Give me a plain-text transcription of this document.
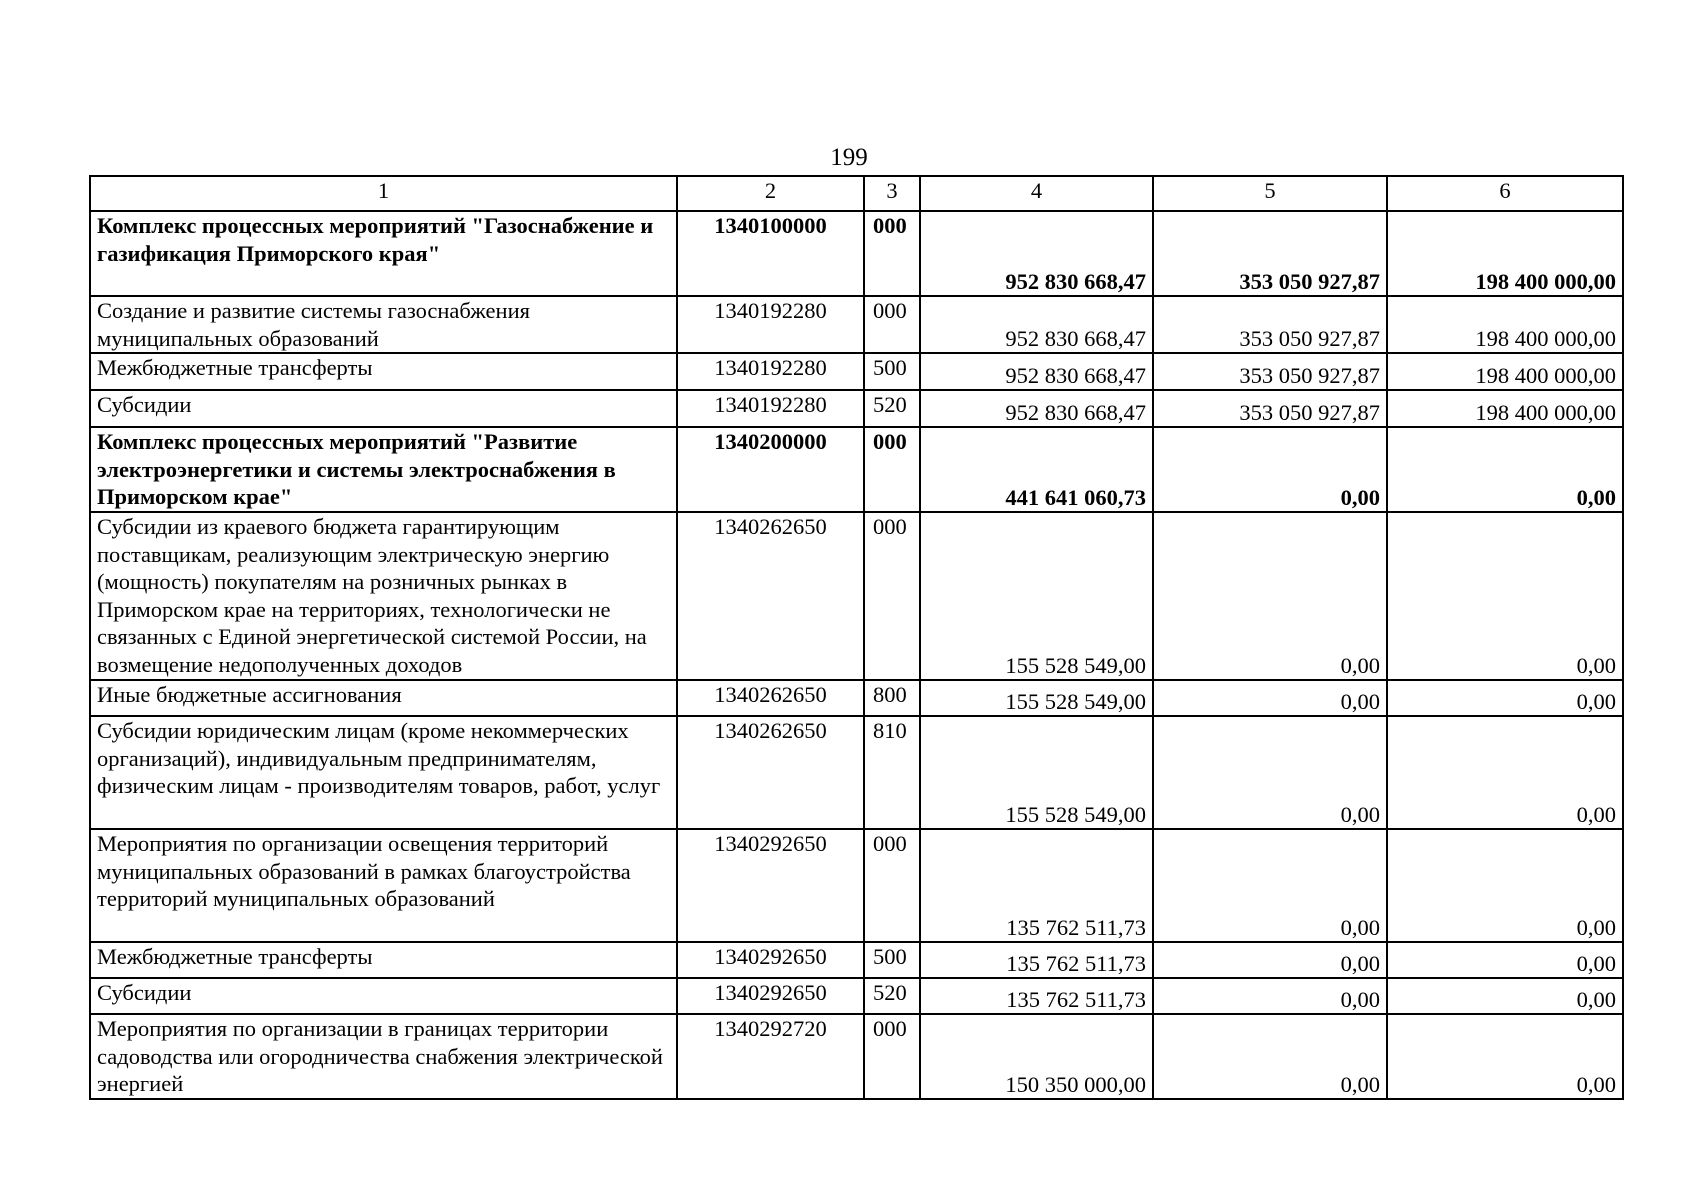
199
1	2	3	4	5	6
Комплекс процессных мероприятий "Газоснабжение и газификация Приморского края"	1340100000	000	952 830 668,47	353 050 927,87	198 400 000,00
Создание и развитие системы газоснабжения муниципальных образований	1340192280	000	952 830 668,47	353 050 927,87	198 400 000,00
Межбюджетные трансферты	1340192280	500	952 830 668,47	353 050 927,87	198 400 000,00
Субсидии	1340192280	520	952 830 668,47	353 050 927,87	198 400 000,00
Комплекс процессных мероприятий "Развитие электроэнергетики и системы электроснабжения в Приморском крае"	1340200000	000	441 641 060,73	0,00	0,00
Субсидии из краевого бюджета гарантирующим поставщикам, реализующим электрическую энергию (мощность) покупателям на розничных рынках в Приморском крае на территориях, технологически не связанных с Единой энергетической системой России, на возмещение недополученных доходов	1340262650	000	155 528 549,00	0,00	0,00
Иные бюджетные ассигнования	1340262650	800	155 528 549,00	0,00	0,00
Субсидии юридическим лицам (кроме некоммерческих организаций), индивидуальным предпринимателям, физическим лицам - производителям товаров, работ, услуг	1340262650	810	155 528 549,00	0,00	0,00
Мероприятия по организации освещения территорий муниципальных образований в рамках благоустройства территорий муниципальных образований	1340292650	000	135 762 511,73	0,00	0,00
Межбюджетные трансферты	1340292650	500	135 762 511,73	0,00	0,00
Субсидии	1340292650	520	135 762 511,73	0,00	0,00
Мероприятия по организации в границах территории садоводства или огородничества снабжения электрической энергией	1340292720	000	150 350 000,00	0,00	0,00
